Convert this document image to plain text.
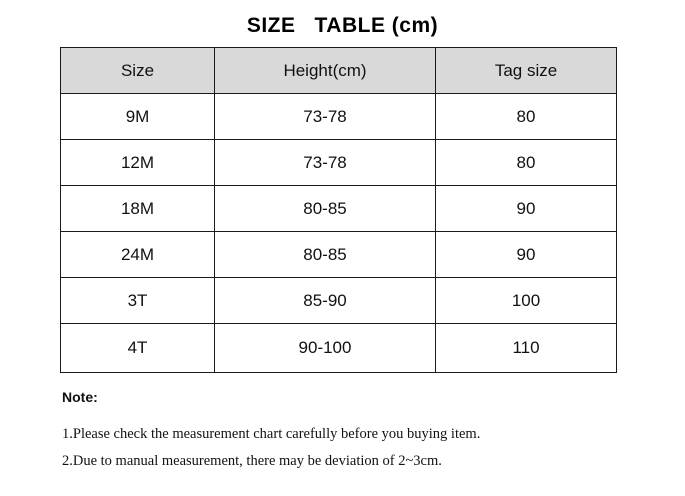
SIZE   TABLE (cm)
Size	Height(cm)	Tag size
9M	73-78	80
12M	73-78	80
18M	80-85	90
24M	80-85	90
3T	85-90	100
4T	90-100	110
Note:
1.Please check the measurement chart carefully before you buying item.
2.Due to manual measurement, there may be deviation of 2~3cm.
